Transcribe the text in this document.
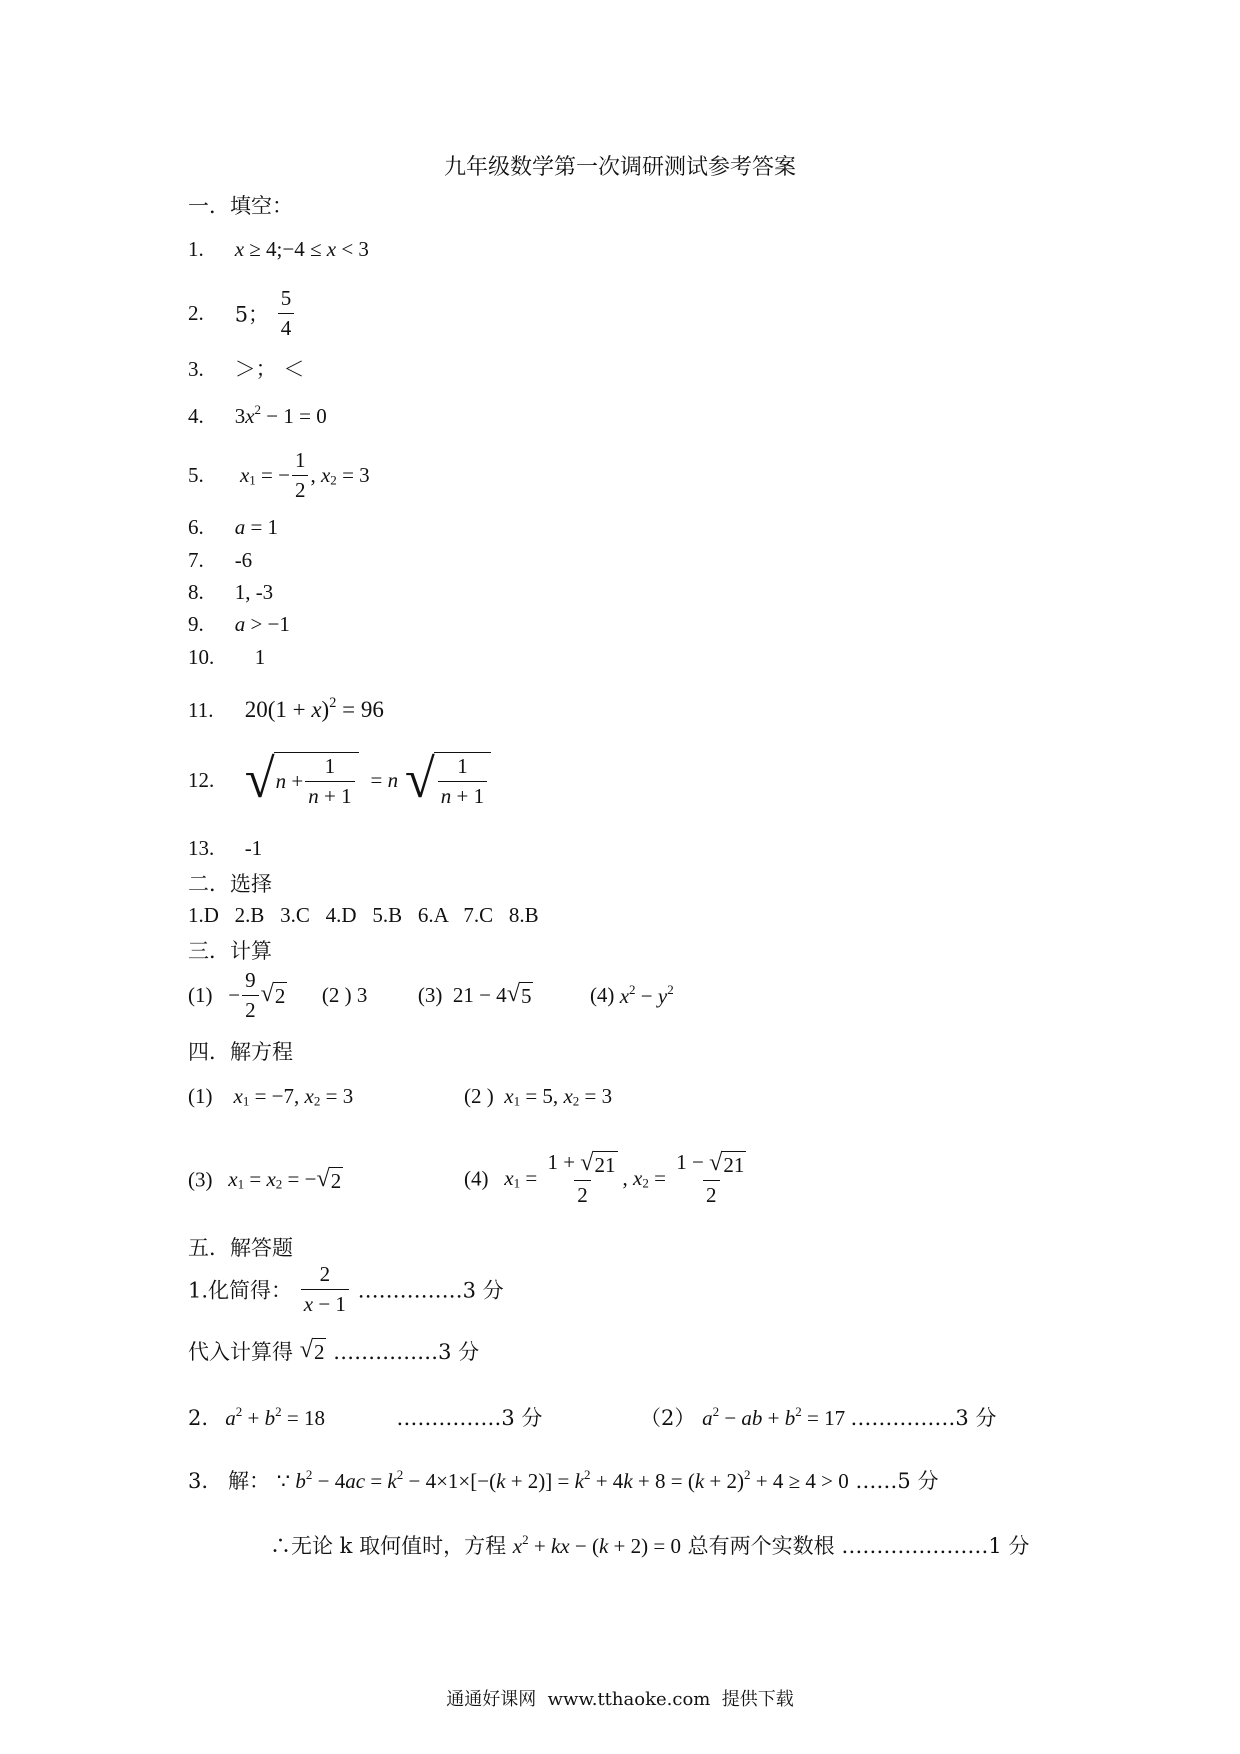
九年级数学第一次调研测试参考答案
一．填空：
1. x ≥ 4;−4 ≤ x < 3
2. 5； $\frac{5}{4}$
3. ＞； ＜
4. $3x^2 - 1 = 0$
5. $x_1$ = − $\frac{1}{2}$ , $x_2 = 3$
6. a = 1
7. -6
8. 1, -3
9. a > −1
10. 1
11. $20(1 + x)^2 = 96$
12. √ $n + \frac{1}{n + 1} = n$ √ $\frac{1}{n + 1}$
13. -1
二．选择
1.D   2.B   3.C   4.D   5.B   6.A   7.C   8.B
三．计算
$(1) - \frac{9}{2}$ √ 2 (2 ) 3 (3)  21 − 4 √ 5	(4) $x^2 - y^2$
四．解方程
(1) $x_1 = -7$, $x_2 = 3$	(2 ) $x_1 = 5$, $x_2 = 3$
(3) $x_1 = x_2$ = − √ 2	(4) $x_1 = \frac{1 + √ 21}{2}$ , $x_2 = \frac{1 - √ 21}{2}$
五．解答题
1.化简得： $\frac{2}{x - 1}$ ……………3 分
代入计算得 √ 2 ……………3 分
2. $a^2 + b^2 = 18$	……………3 分	（2） $a^2$ − ab + $b^2 = 17$ ……………3 分
3.   解： ∵ $b^2 - 4ac = k^2 - 4\times 1\times[-(k + 2)] = k^2 + 4k + 8 = (k + 2)^2 + 4 \ge 4 > 0$ ……5 分
∴无论 k 取何值时，方程 $x^2$ + kx − (k + 2) = 0 总有两个实数根 …………………1 分
通通好课网  www.tthaoke.com  提供下载
